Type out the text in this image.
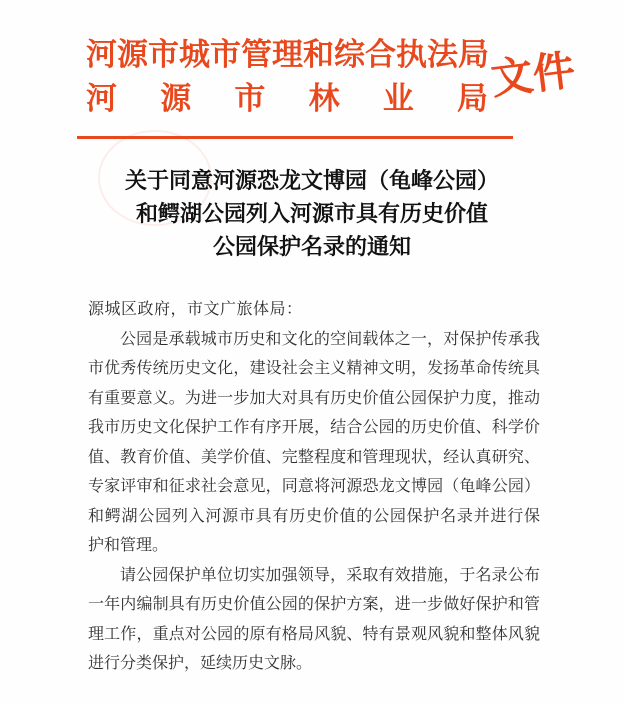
河源市城市管理和综合执法局
河源市林业局 文件
关于同意河源恐龙文博园（龟峰公园）
和鳄湖公园列入河源市具有历史价值
公园保护名录的通知
源城区政府，市文广旅体局：
公园是承载城市历史和文化的空间载体之一，对保护传承我
市优秀传统历史文化，建设社会主义精神文明，发扬革命传统具
有重要意义。为进一步加大对具有历史价值公园保护力度，推动
我市历史文化保护工作有序开展，结合公园的历史价值、科学价
值、教育价值、美学价值、完整程度和管理现状，经认真研究、
专家评审和征求社会意见，同意将河源恐龙文博园（龟峰公园）
和鳄湖公园列入河源市具有历史价值的公园保护名录并进行保
护和管理。
请公园保护单位切实加强领导，采取有效措施，于名录公布
一年内编制具有历史价值公园的保护方案，进一步做好保护和管
理工作，重点对公园的原有格局风貌、特有景观风貌和整体风貌
进行分类保护，延续历史文脉。
